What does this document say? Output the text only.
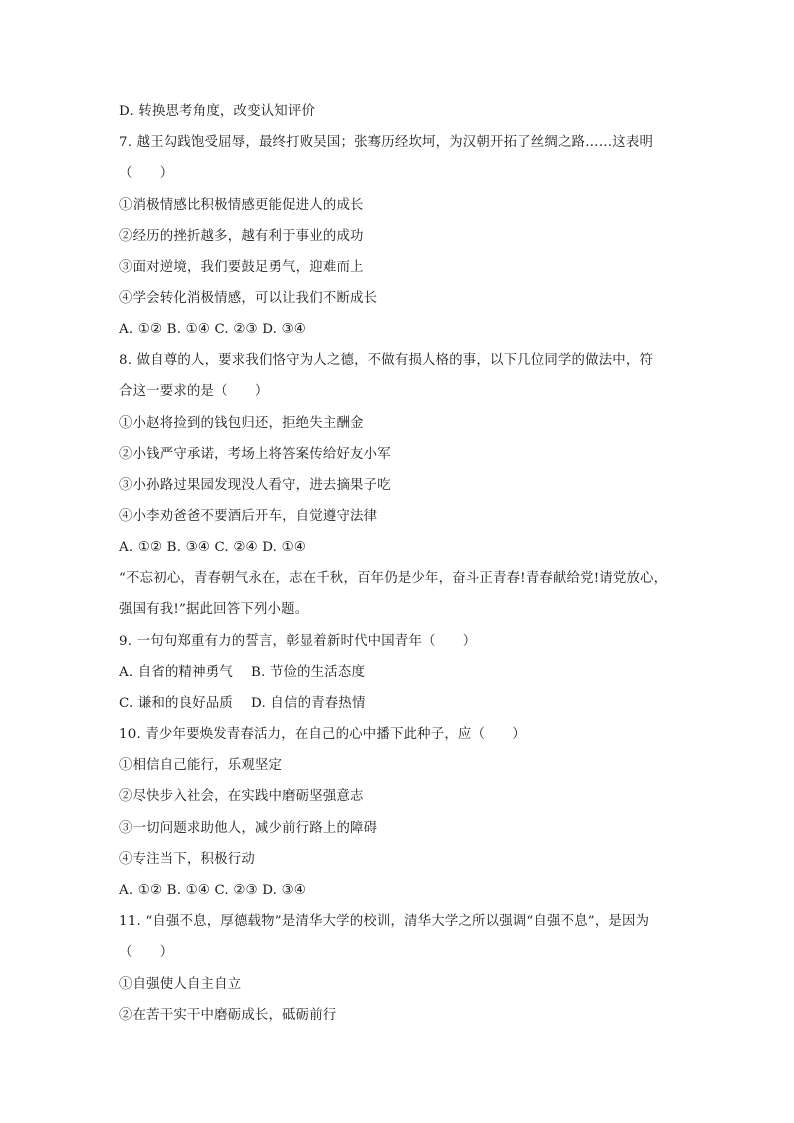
D. 转换思考角度，改变认知评价
7. 越王勾践饱受屈辱，最终打败吴国；张骞历经坎坷，为汉朝开拓了丝绸之路……这表明
（　　）
①消极情感比积极情感更能促进人的成长
②经历的挫折越多，越有利于事业的成功
③面对逆境，我们要鼓足勇气，迎难而上
④学会转化消极情感，可以让我们不断成长
A. ①② B. ①④ C. ②③ D. ③④
8. 做自尊的人，要求我们恪守为人之德，不做有损人格的事，以下几位同学的做法中，符
合这一要求的是（　　）
①小赵将捡到的钱包归还，拒绝失主酬金
②小钱严守承诺，考场上将答案传给好友小军
③小孙路过果园发现没人看守，进去摘果子吃
④小李劝爸爸不要酒后开车，自觉遵守法律
A. ①② B. ③④ C. ②④ D. ①④
“不忘初心，青春朝气永在，志在千秋，百年仍是少年，奋斗正青春!青春献给党!请党放心，
强国有我!”据此回答下列小题。
9. 一句句郑重有力的誓言，彰显着新时代中国青年（　　）
A. 自省的精神勇气　 B. 节俭的生活态度
C. 谦和的良好品质　 D. 自信的青春热情
10. 青少年要焕发青春活力，在自己的心中播下此种子，应（　　）
①相信自己能行，乐观坚定
②尽快步入社会，在实践中磨砺坚强意志
③一切问题求助他人，减少前行路上的障碍
④专注当下，积极行动
A. ①② B. ①④ C. ②③ D. ③④
11. “自强不息，厚德载物”是清华大学的校训，清华大学之所以强调“自强不息”，是因为
（　　）
①自强使人自主自立
②在苦干实干中磨砺成长，砥砺前行
